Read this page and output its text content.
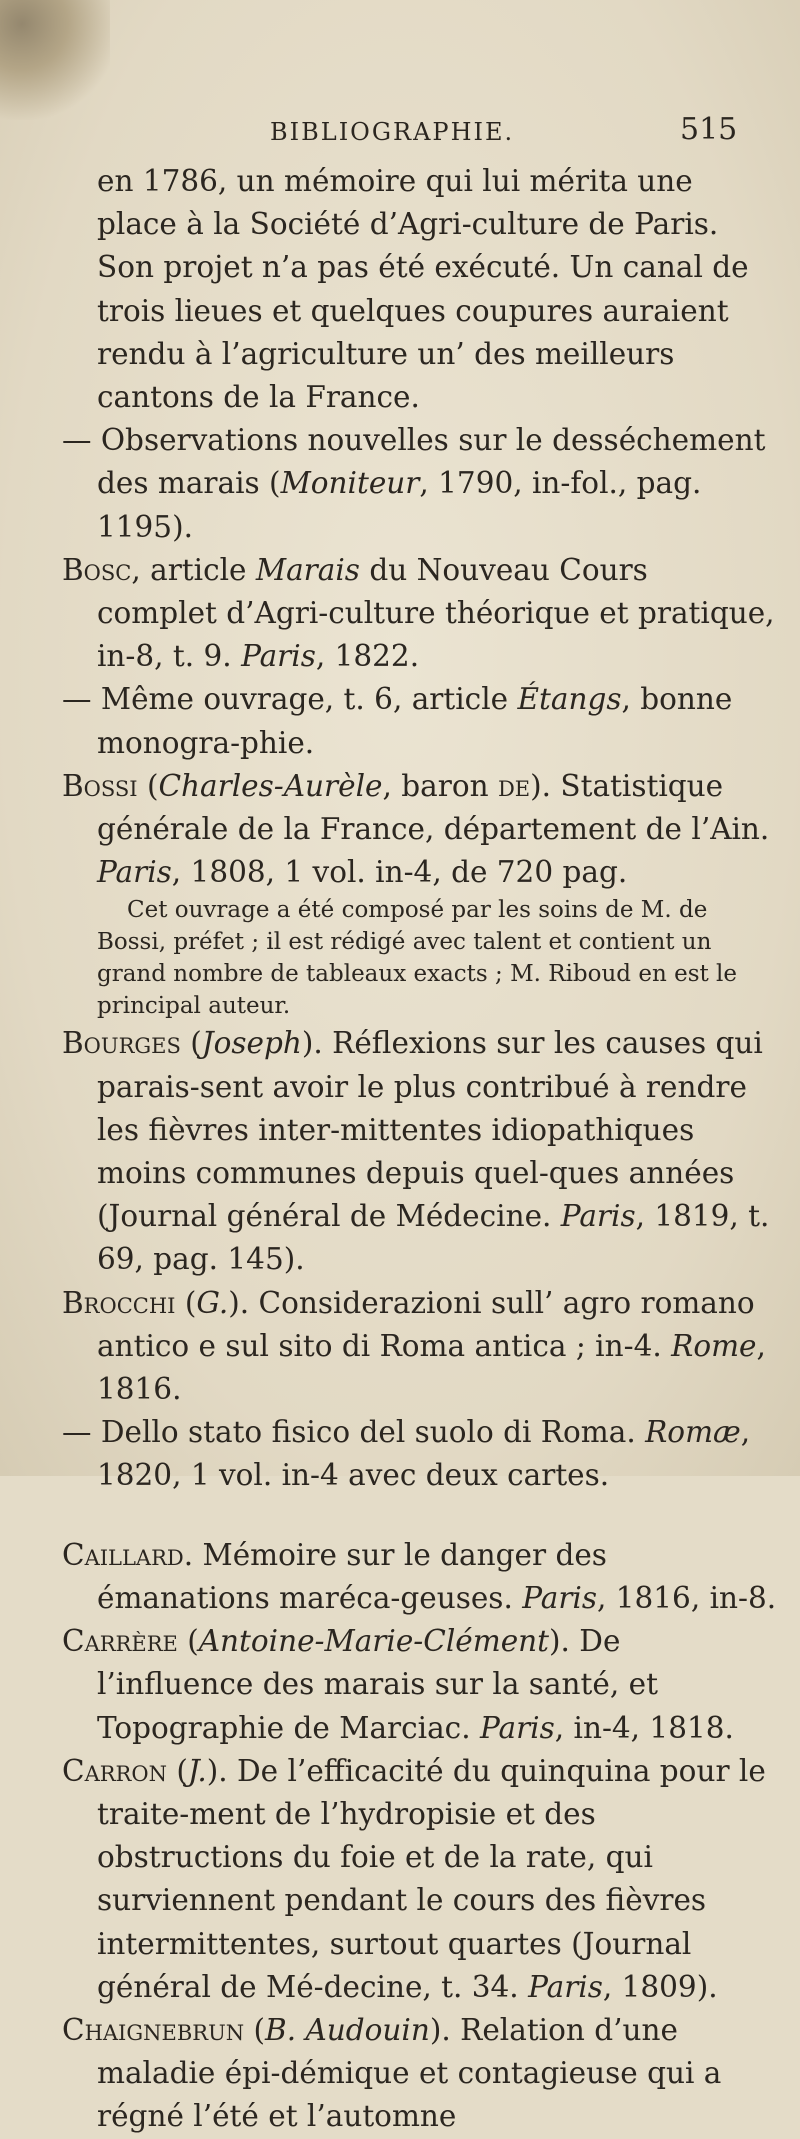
BIBLIOGRAPHIE.	515

en 1786, un mémoire qui lui mérita une place à la Société d’Agri-culture de Paris. Son projet n’a pas été exécuté. Un canal de trois lieues et quelques coupures auraient rendu à l’agriculture un’ des meilleurs cantons de la France.

— Observations nouvelles sur le desséchement des marais (Moniteur, 1790, in-fol., pag. 1195).

Bosc, article Marais du Nouveau Cours complet d’Agri-culture théorique et pratique, in-8, t. 9. Paris, 1822.

— Même ouvrage, t. 6, article Étangs, bonne monogra-phie.

Bossi (Charles-Aurèle, baron de). Statistique générale de la France, département de l’Ain. Paris, 1808, 1 vol. in-4, de 720 pag.

Cet ouvrage a été composé par les soins de M. de Bossi, préfet ; il est rédigé avec talent et contient un grand nombre de tableaux exacts ; M. Riboud en est le principal auteur.

Bourges (Joseph). Réflexions sur les causes qui parais-sent avoir le plus contribué à rendre les fièvres inter-mittentes idiopathiques moins communes depuis quel-ques années (Journal général de Médecine. Paris, 1819, t. 69, pag. 145).

Brocchi (G.). Considerazioni sull’ agro romano antico e sul sito di Roma antica ; in-4. Rome, 1816.

— Dello stato fisico del suolo di Roma. Romæ, 1820, 1 vol. in-4 avec deux cartes.

Caillard. Mémoire sur le danger des émanations maréca-geuses. Paris, 1816, in-8.

Carrère (Antoine-Marie-Clément). De l’influence des marais sur la santé, et Topographie de Marciac. Paris, in-4, 1818.

Carron (J.). De l’efficacité du quinquina pour le traite-ment de l’hydropisie et des obstructions du foie et de la rate, qui surviennent pendant le cours des fièvres intermittentes, surtout quartes (Journal général de Mé-decine, t. 34. Paris, 1809).

Chaignebrun (B. Audouin). Relation d’une maladie épi-démique et contagieuse qui a régné l’été et l’automne
